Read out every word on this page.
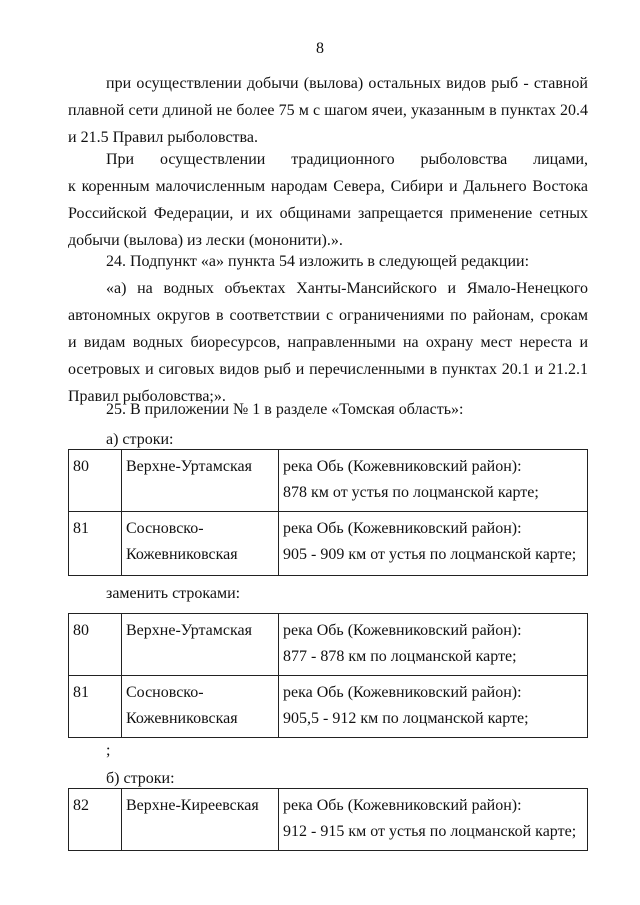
8
при осуществлении добычи (вылова) остальных видов рыб - ставной
плавной сети длиной не более 75 м с шагом ячеи, указанным в пунктах 20.4
и 21.5 Правил рыболовства.
При осуществлении традиционного рыболовства лицами,
к коренным малочисленным народам Севера, Сибири и Дальнего Востока
Российской Федерации, и их общинами запрещается применение сетных
добычи (вылова) из лески (мононити).».
24. Подпункт «а» пункта 54 изложить в следующей редакции:
«а) на водных объектах Ханты-Мансийского и Ямало-Ненецкого
автономных округов в соответствии с ограничениями по районам, срокам
и видам водных биоресурсов, направленными на охрану мест нереста и
осетровых и сиговых видов рыб и перечисленными в пунктах 20.1 и 21.2.1
Правил рыболовства;».
25. В приложении № 1 в разделе «Томская область»:
а) строки:
80	Верхне-Уртамская	река Обь (Кожевниковский район):
878 км от устья по лоцманской карте;

81	Сосновско-
Кожевниковская	река Обь (Кожевниковский район):
905 - 909 км от устья по лоцманской карте;
заменить строками:
80	Верхне-Уртамская	река Обь (Кожевниковский район):
877 - 878 км по лоцманской карте;

81	Сосновско-
Кожевниковская	река Обь (Кожевниковский район):
905,5 - 912 км по лоцманской карте;
;
б) строки:
82	Верхне-Киреевская	река Обь (Кожевниковский район):
912 - 915 км от устья по лоцманской карте;
